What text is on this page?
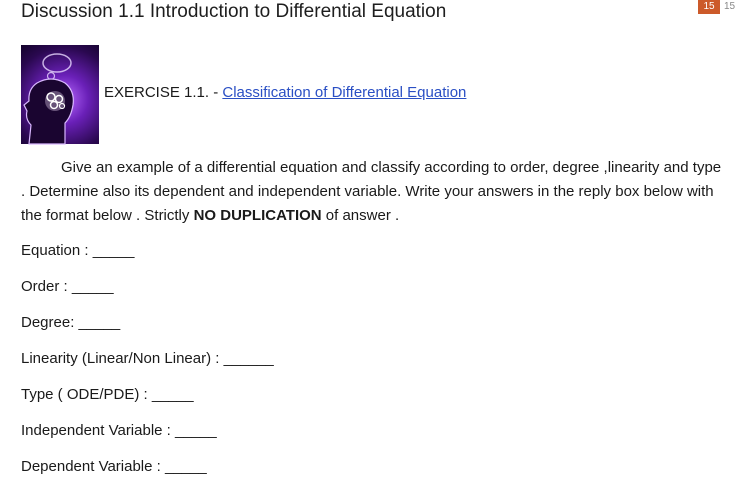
Discussion 1.1 Introduction to Differential Equation	15 15
EXERCISE 1.1. - Classification of Differential Equation

Give an example of a differential equation and classify according to order, degree ,linearity and type . Determine also its dependent and independent variable. Write your answers in the reply box below with the format below . Strictly NO DUPLICATION of answer .

Equation : _____
Order : _____
Degree: _____
Linearity (Linear/Non Linear) : ______
Type ( ODE/PDE) : _____
Independent Variable : _____
Dependent Variable : _____
